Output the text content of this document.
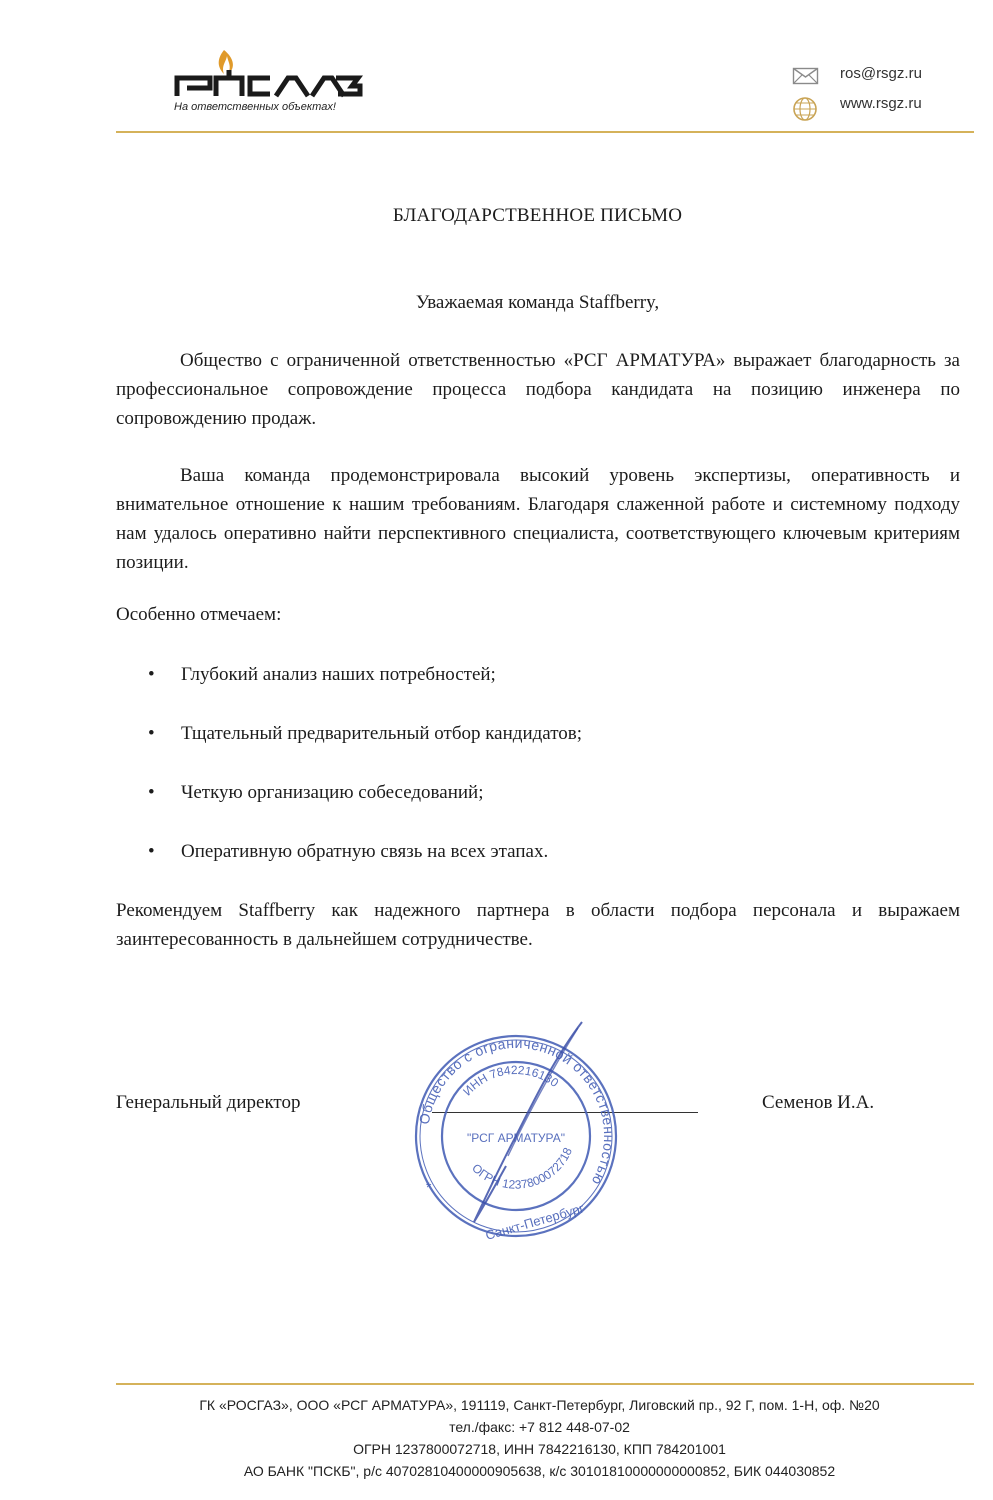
На ответственных объектах!
ros@rsgz.ru
www.rsgz.ru
БЛАГОДАРСТВЕННОЕ ПИСЬМО
Уважаемая команда Staffberry,
Общество с ограниченной ответственностью «РСГ АРМАТУРА» выражает благодарность за профессиональное сопровождение процесса подбора кандидата на позицию инженера по сопровождению продаж.
Ваша команда продемонстрировала высокий уровень экспертизы, оперативность и внимательное отношение к нашим требованиям. Благодаря слаженной работе и системному подходу нам удалось оперативно найти перспективного специалиста, соответствующего ключевым критериям позиции.
Особенно отмечаем:
• Глубокий анализ наших потребностей;
• Тщательный предварительный отбор кандидатов;
• Четкую организацию собеседований;
• Оперативную обратную связь на всех этапах.
Рекомендуем Staffberry как надежного партнера в области подбора персонала и выражаем заинтересованность в дальнейшем сотрудничестве.
Генеральный директор	Семенов И.А.
Общество с ограниченной ответственностью
ИНН 7842216130
"РСГ АРМАТУРА"
ОГРН 1237800072718
Санкт-Петербург
*
ГК «РОСГАЗ», ООО «РСГ АРМАТУРА», 191119, Санкт-Петербург, Лиговский пр., 92 Г, пом. 1-Н, оф. №20
тел./факс: +7 812 448-07-02
ОГРН 1237800072718, ИНН 7842216130, КПП 784201001
АО БАНК "ПСКБ", р/с 40702810400000905638, к/с 30101810000000000852, БИК 044030852
